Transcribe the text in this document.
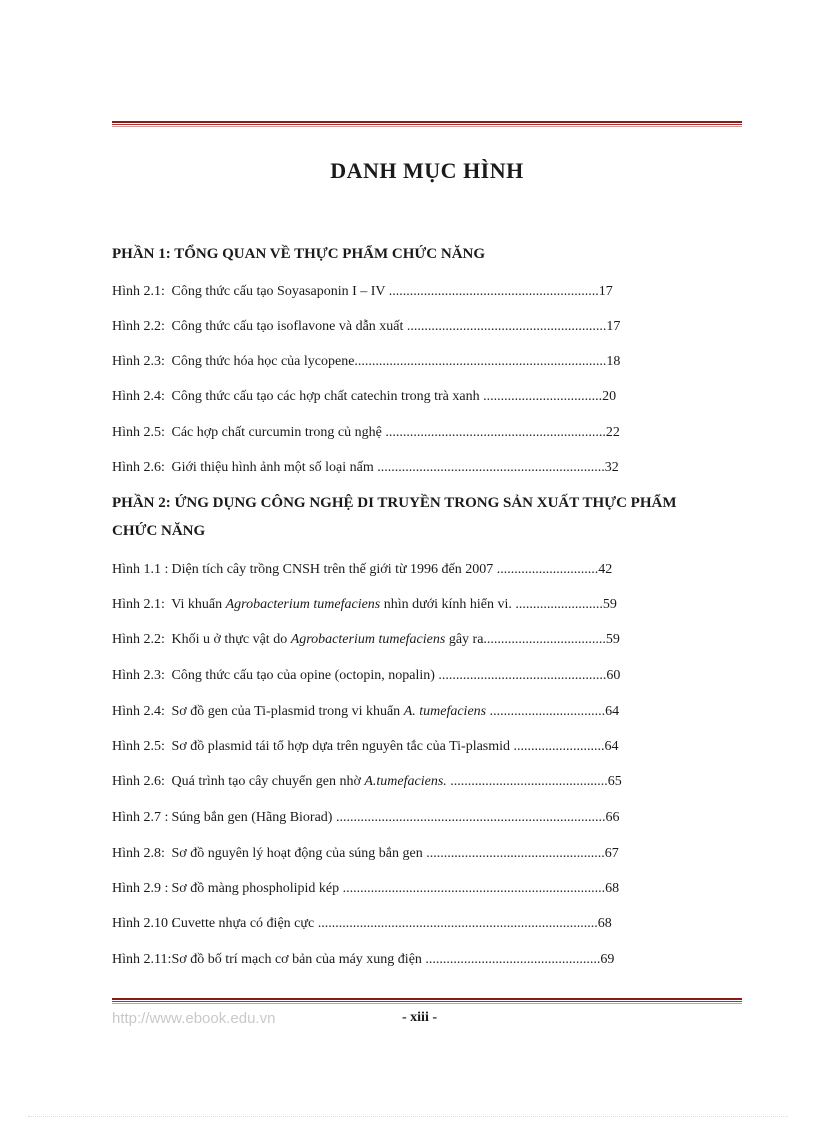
DANH MỤC HÌNH
PHẦN 1: TỔNG QUAN VỀ THỰC PHẨM CHỨC NĂNG
Hình 2.1: Công thức cấu tạo Soyasaponin I – IV ............................................................17
Hình 2.2: Công thức cấu tạo isoflavone và dẫn xuất .........................................................17
Hình 2.3: Công thức hóa học của lycopene........................................................................18
Hình 2.4: Công thức cấu tạo các hợp chất catechin trong trà xanh ..................................20
Hình 2.5: Các hợp chất curcumin trong củ nghệ ...............................................................22
Hình 2.6: Giới thiệu hình ảnh một số loại nấm .................................................................32
PHẦN 2: ỨNG DỤNG CÔNG NGHỆ DI TRUYỀN TRONG SẢN XUẤT THỰC PHẨM CHỨC NĂNG
Hình 1.1 : Diện tích cây trồng CNSH trên thế giới từ 1996 đến 2007 .............................42
Hình 2.1: Vi khuẩn Agrobacterium tumefaciens nhìn dưới kính hiển vi. .........................59
Hình 2.2: Khối u ở thực vật do Agrobacterium tumefaciens gây ra...................................59
Hình 2.3: Công thức cấu tạo của opine (octopin, nopalin) ................................................60
Hình 2.4: Sơ đồ gen của Ti-plasmid trong vi khuẩn A. tumefaciens .................................64
Hình 2.5: Sơ đồ plasmid tái tổ hợp dựa trên nguyên tắc của Ti-plasmid ..........................64
Hình 2.6: Quá trình tạo cây chuyển gen nhờ A.tumefaciens. .............................................65
Hình 2.7 : Súng bắn gen (Hãng Biorad) .............................................................................66
Hình 2.8: Sơ đồ nguyên lý hoạt động của súng bắn gen ...................................................67
Hình 2.9 : Sơ đồ màng phospholipid kép ...........................................................................68
Hình 2.10 : Cuvette nhựa có điện cực ................................................................................68
Hình 2.11: Sơ đồ bố trí mạch cơ bản của máy xung điện ..................................................69
http://www.ebook.edu.vn	- xiii -
